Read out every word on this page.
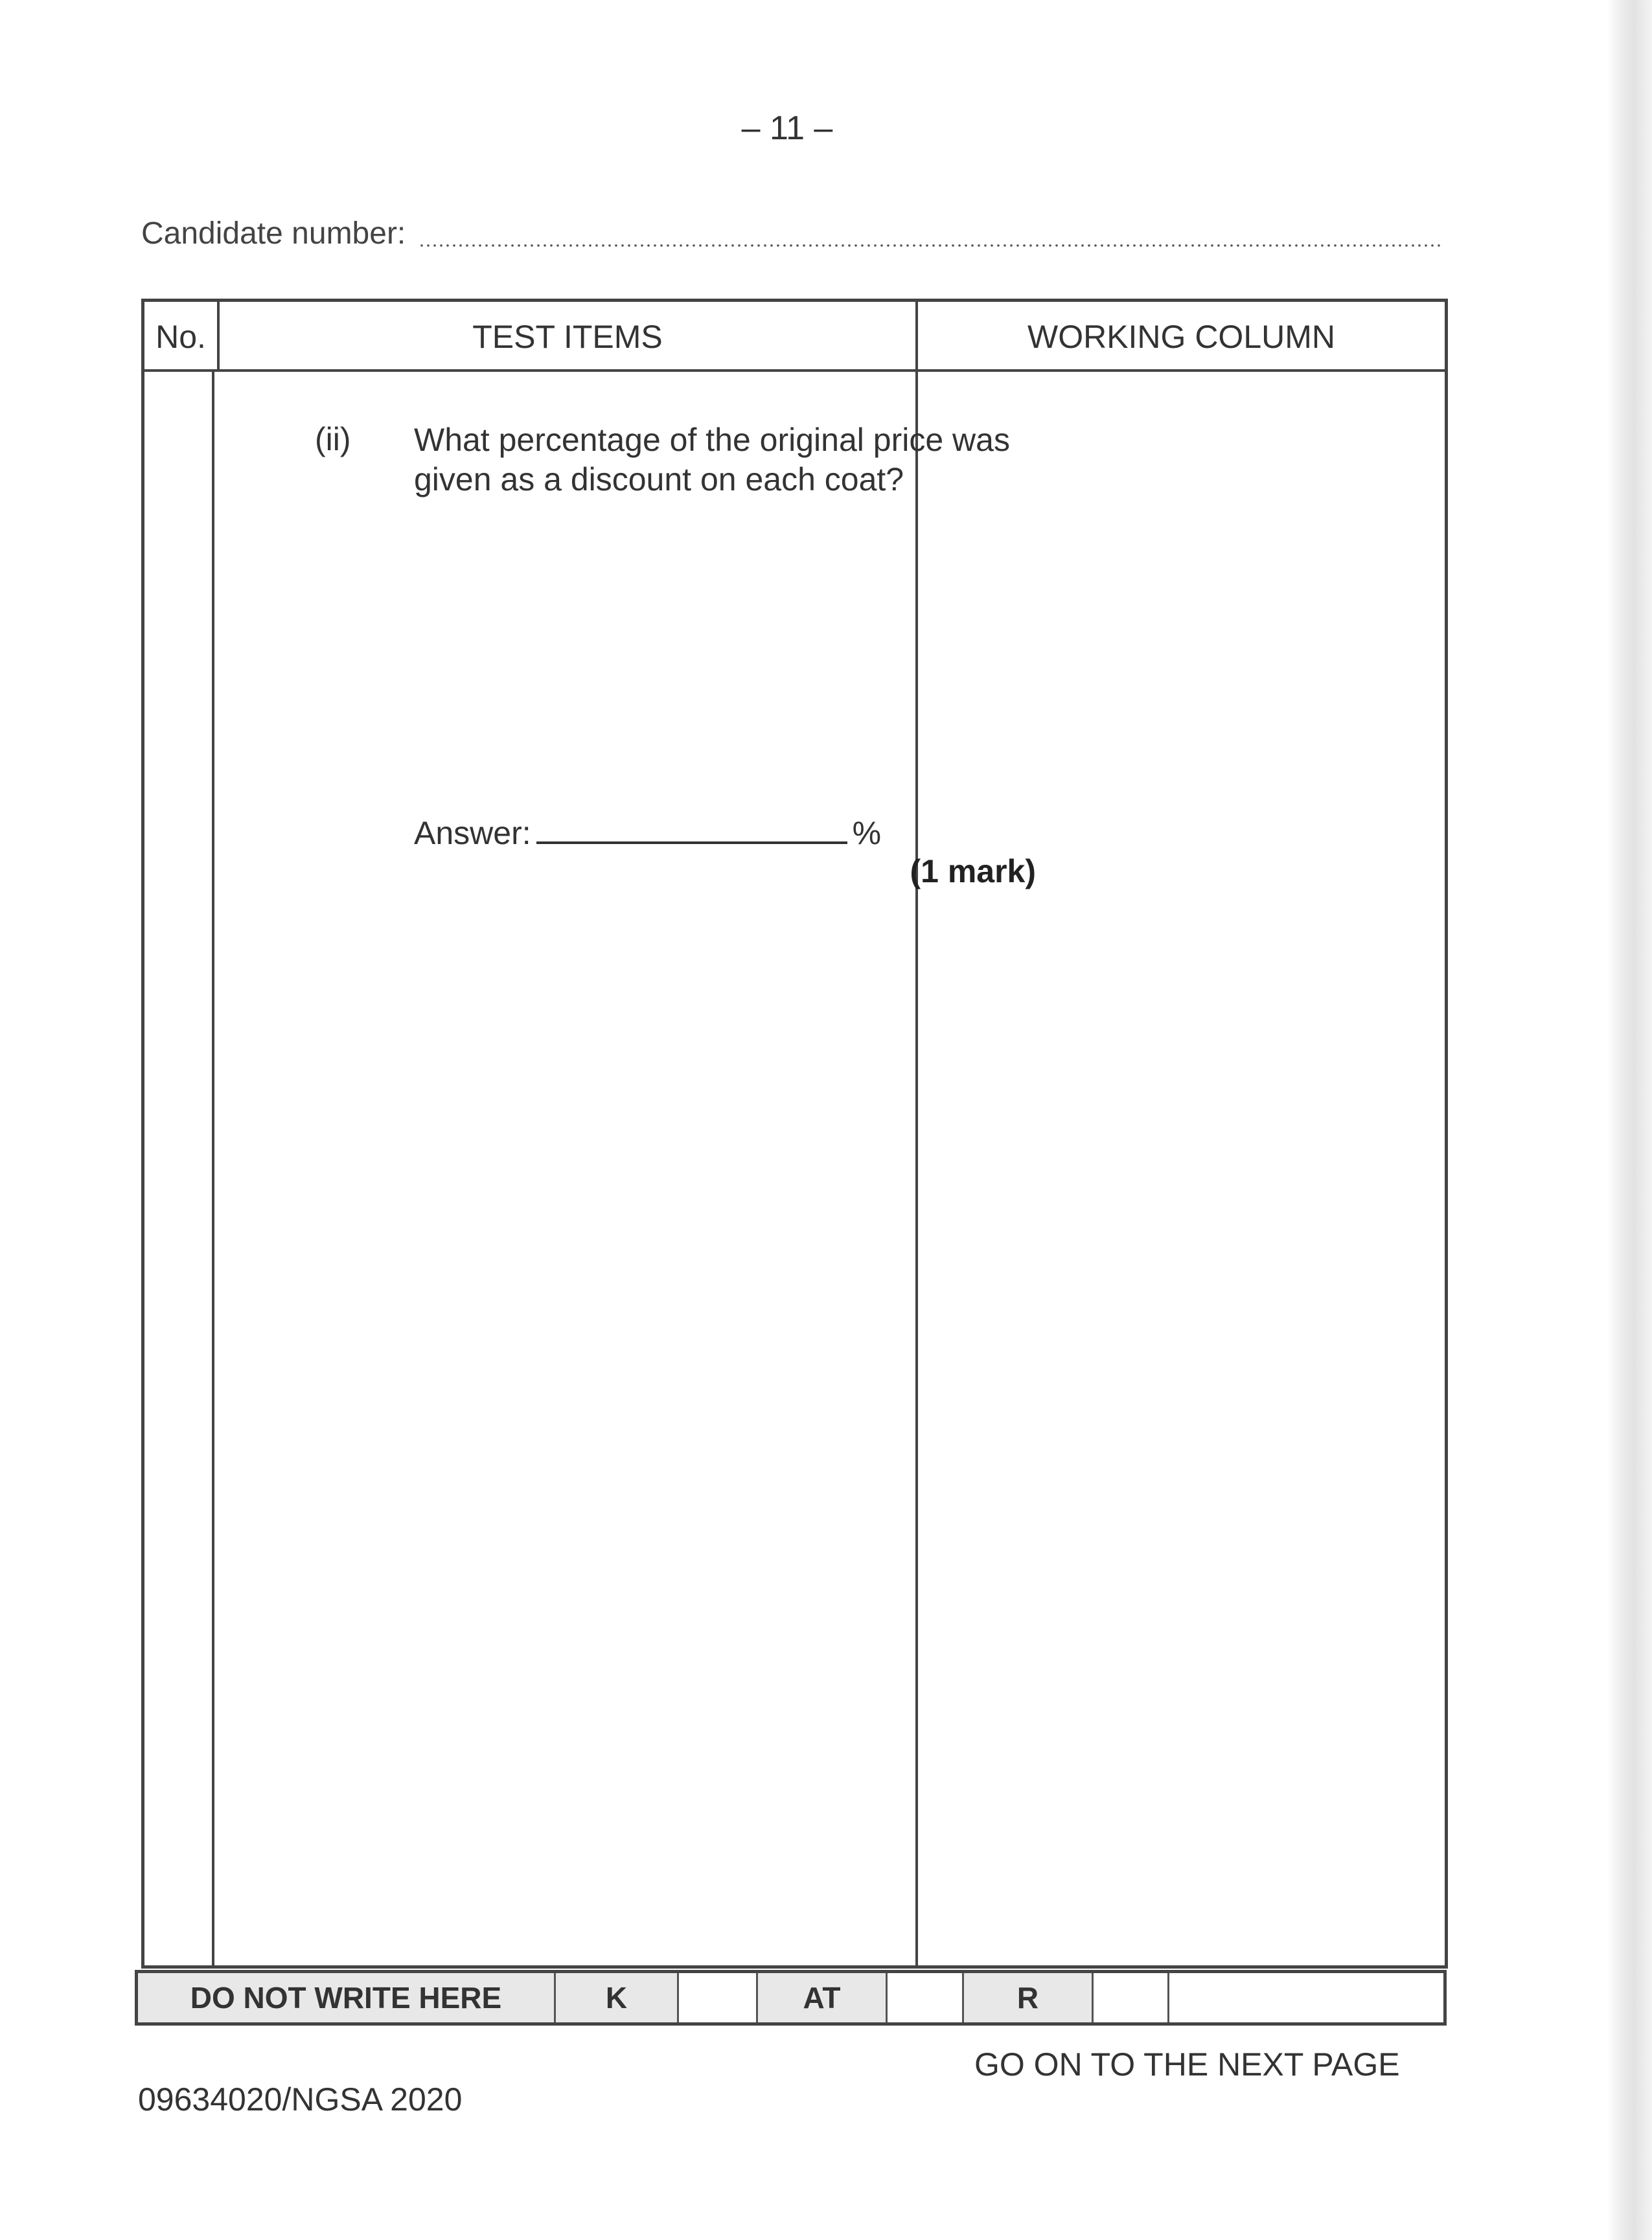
– 11 –
Candidate number:
No.	TEST ITEMS	WORKING COLUMN
(ii) What percentage of the original price was given as a discount on each coat?
Answer:	%
(1 mark)
DO NOT WRITE HERE	K	AT	R
GO ON TO THE NEXT PAGE
09634020/NGSA 2020
